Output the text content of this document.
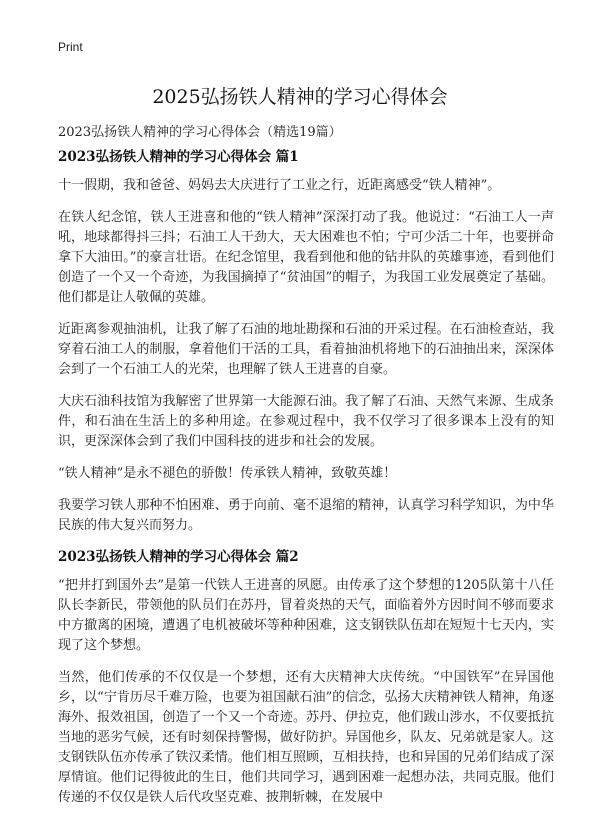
Print
2025弘扬铁人精神的学习心得体会
2023弘扬铁人精神的学习心得体会（精选19篇）
2023弘扬铁人精神的学习心得体会 篇1

十一假期，我和爸爸、妈妈去大庆进行了工业之行，近距离感受“铁人精神”。

在铁人纪念馆，铁人王进喜和他的“铁人精神”深深打动了我。他说过：“石油工人一声吼，地球都得抖三抖；石油工人干劲大，天大困难也不怕；宁可少活二十年，也要拼命拿下大油田。”的豪言壮语。在纪念馆里，我看到他和他的钻井队的英雄事迹，看到他们创造了一个又一个奇迹，为我国摘掉了“贫油国”的帽子，为我国工业发展奠定了基础。他们都是让人敬佩的英雄。

近距离参观抽油机，让我了解了石油的地址勘探和石油的开采过程。在石油检查站，我穿着石油工人的制服，拿着他们干活的工具，看着抽油机将地下的石油抽出来，深深体会到了一个石油工人的光荣，也理解了铁人王进喜的自豪。

大庆石油科技馆为我解密了世界第一大能源石油。我了解了石油、天然气来源、生成条件，和石油在生活上的多种用途。在参观过程中，我不仅学习了很多课本上没有的知识，更深深体会到了我们中国科技的进步和社会的发展。

“铁人精神”是永不褪色的骄傲！传承铁人精神，致敬英雄！

我要学习铁人那种不怕困难、勇于向前、毫不退缩的精神，认真学习科学知识，为中华民族的伟大复兴而努力。

2023弘扬铁人精神的学习心得体会 篇2

“把井打到国外去”是第一代铁人王进喜的夙愿。由传承了这个梦想的1205队第十八任队长李新民，带领他的队员们在苏丹，冒着炎热的天气，面临着外方因时间不够而要求中方撤离的困境，遭遇了电机被破坏等种种困难，这支钢铁队伍却在短短十七天内，实现了这个梦想。

当然，他们传承的不仅仅是一个梦想，还有大庆精神大庆传统。“中国铁军”在异国他乡，以“宁肯历尽千难万险，也要为祖国献石油”的信念，弘扬大庆精神铁人精神，角逐海外、报效祖国，创造了一个又一个奇迹。苏丹、伊拉克，他们跋山涉水，不仅要抵抗当地的恶劣气候，还有时刻保持警惕，做好防护。异国他乡，队友、兄弟就是家人。这支钢铁队伍亦传承了铁汉柔情。他们相互照顾，互相扶持，也和异国的兄弟们结成了深厚情谊。他们记得彼此的生日，他们共同学习，遇到困难一起想办法，共同克服。他们传递的不仅仅是铁人后代攻坚克难、披荆斩棘，在发展中
